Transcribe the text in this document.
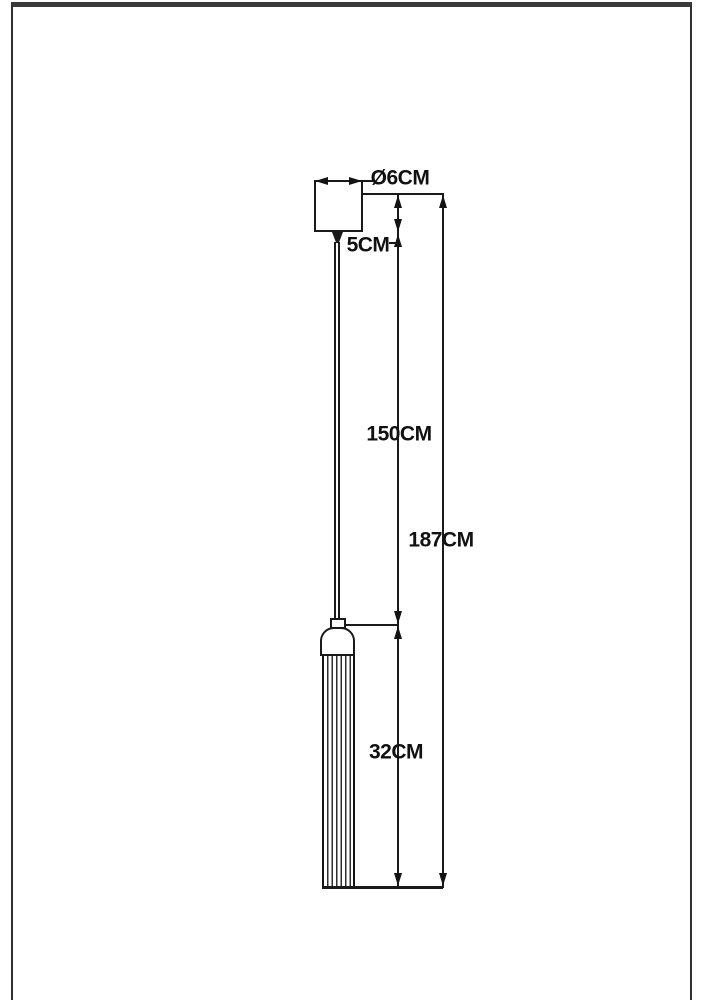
Ø6CM
5CM
150CM
187CM
32CM
